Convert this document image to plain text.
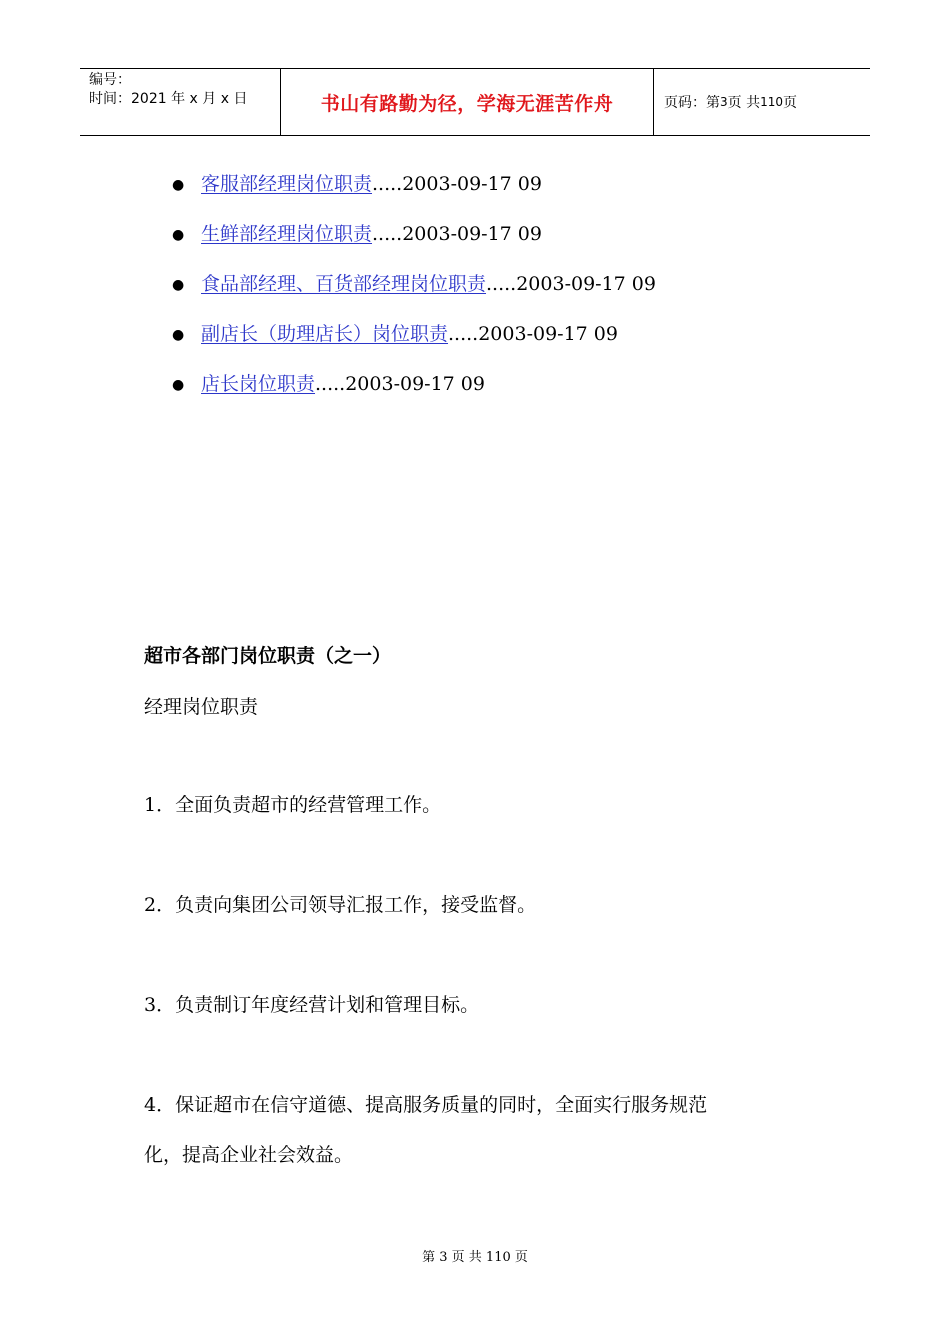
编号：
时间：2021 年 x 月 x 日	书山有路勤为径，学海无涯苦作舟	页码：第 3 页 共 110 页
● 客服部经理岗位职责.....2003-09-17 09
● 生鲜部经理岗位职责.....2003-09-17 09
● 食品部经理、百货部经理岗位职责.....2003-09-17 09
● 副店长（助理店长）岗位职责.....2003-09-17 09
● 店长岗位职责.....2003-09-17 09
超市各部门岗位职责（之一）
经理岗位职责
1．全面负责超市的经营管理工作。
2．负责向集团公司领导汇报工作，接受监督。
3．负责制订年度经营计划和管理目标。
4．保证超市在信守道德、提高服务质量的同时，全面实行服务规范
化，提高企业社会效益。
第 3 页 共 110 页
